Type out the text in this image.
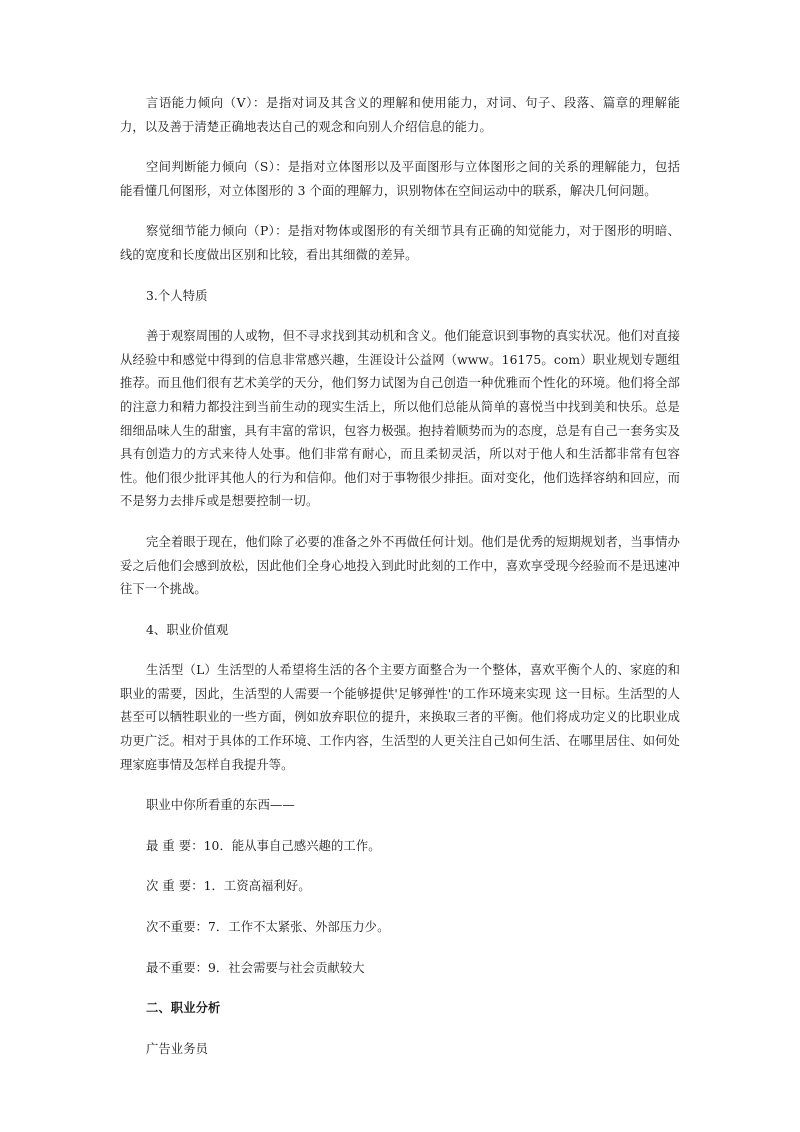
言语能力倾向（V）：是指对词及其含义的理解和使用能力，对词、句子、段落、篇章的理解能力，以及善于清楚正确地表达自己的观念和向别人介绍信息的能力。

空间判断能力倾向（S）：是指对立体图形以及平面图形与立体图形之间的关系的理解能力，包括能看懂几何图形，对立体图形的 3 个面的理解力，识别物体在空间运动中的联系，解决几何问题。

察觉细节能力倾向（P）：是指对物体或图形的有关细节具有正确的知觉能力，对于图形的明暗、线的宽度和长度做出区别和比较，看出其细微的差异。

3.个人特质

善于观察周围的人或物，但不寻求找到其动机和含义。他们能意识到事物的真实状况。他们对直接从经验中和感觉中得到的信息非常感兴趣，生涯设计公益网（www。16175。com）职业规划专题组推荐。而且他们很有艺术美学的天分，他们努力试图为自己创造一种优雅而个性化的环境。他们将全部的注意力和精力都投注到当前生动的现实生活上，所以他们总能从简单的喜悦当中找到美和快乐。总是细细品味人生的甜蜜，具有丰富的常识，包容力极强。抱持着顺势而为的态度，总是有自己一套务实及具有创造力的方式来待人处事。他们非常有耐心，而且柔韧灵活，所以对于他人和生活都非常有包容性。他们很少批评其他人的行为和信仰。他们对于事物很少排拒。面对变化，他们选择容纳和回应，而不是努力去排斥或是想要控制一切。

完全着眼于现在，他们除了必要的准备之外不再做任何计划。他们是优秀的短期规划者，当事情办妥之后他们会感到放松，因此他们全身心地投入到此时此刻的工作中，喜欢享受现今经验而不是迅速冲往下一个挑战。

4、职业价值观

生活型（L）生活型的人希望将生活的各个主要方面整合为一个整体，喜欢平衡个人的、家庭的和职业的需要，因此，生活型的人需要一个能够提供'足够弹性'的工作环境来实现 这一目标。生活型的人甚至可以牺牲职业的一些方面，例如放弃职位的提升，来换取三者的平衡。他们将成功定义的比职业成功更广泛。相对于具体的工作环境、工作内容，生活型的人更关注自己如何生活、在哪里居住、如何处理家庭事情及怎样自我提升等。

职业中你所看重的东西——

最 重 要：10．能从事自己感兴趣的工作。

次 重 要：1．工资高福利好。

次不重要：7．工作不太紧张、外部压力少。

最不重要：9．社会需要与社会贡献较大

二、职业分析

广告业务员
